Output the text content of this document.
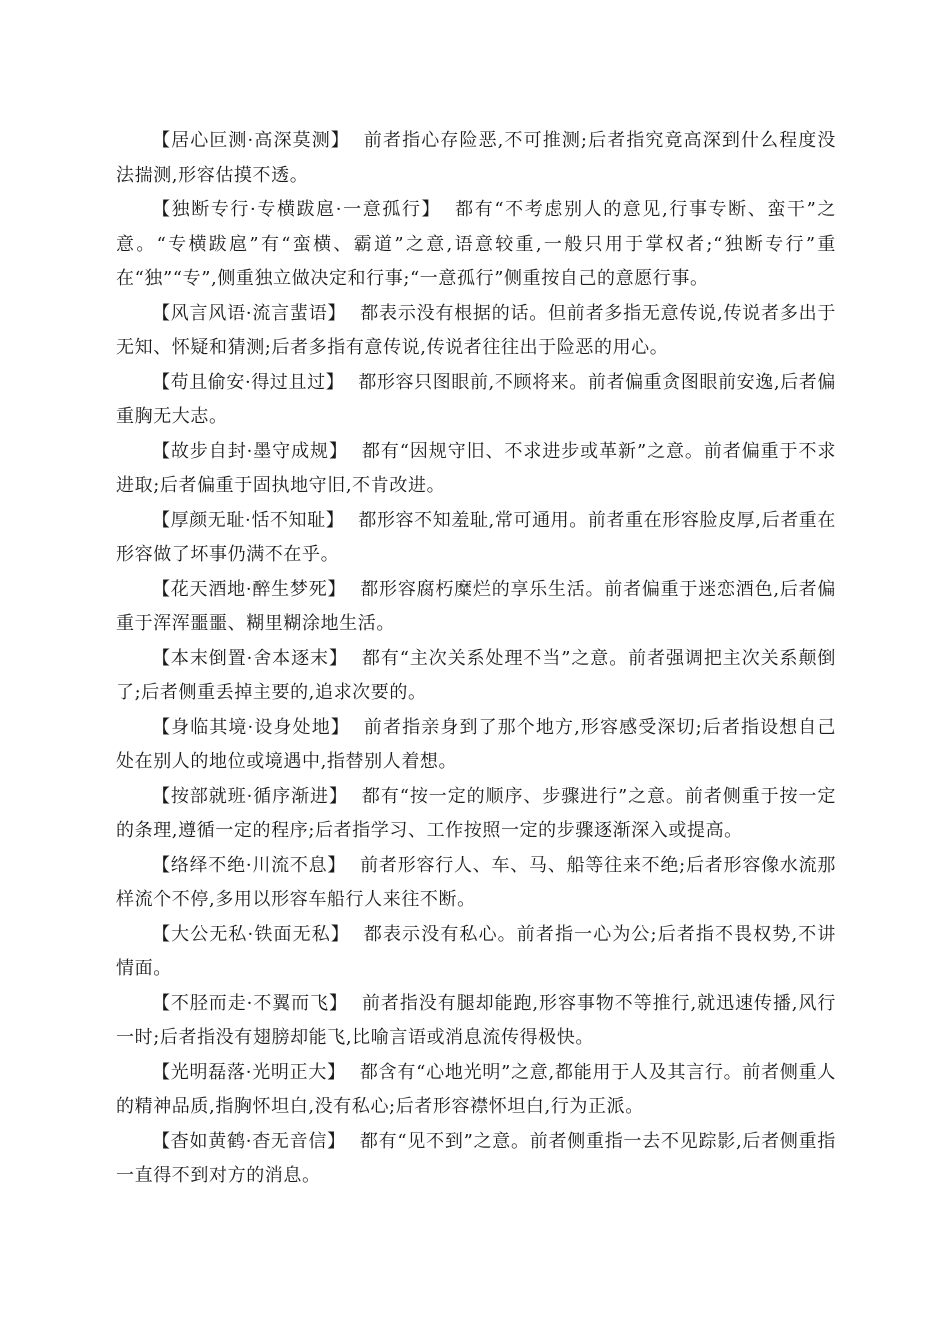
【居心叵测·高深莫测】 前者指心存险恶,不可推测;后者指究竟高深到什么程度没法揣测,形容估摸不透。

【独断专行·专横跋扈·一意孤行】 都有“不考虑别人的意见,行事专断、蛮干”之意。“专横跋扈”有“蛮横、霸道”之意,语意较重,一般只用于掌权者;“独断专行”重在“独”“专”,侧重独立做决定和行事;“一意孤行”侧重按自己的意愿行事。

【风言风语·流言蜚语】 都表示没有根据的话。但前者多指无意传说,传说者多出于无知、怀疑和猜测;后者多指有意传说,传说者往往出于险恶的用心。

【苟且偷安·得过且过】 都形容只图眼前,不顾将来。前者偏重贪图眼前安逸,后者偏重胸无大志。

【故步自封·墨守成规】 都有“因规守旧、不求进步或革新”之意。前者偏重于不求进取;后者偏重于固执地守旧,不肯改进。

【厚颜无耻·恬不知耻】 都形容不知羞耻,常可通用。前者重在形容脸皮厚,后者重在形容做了坏事仍满不在乎。

【花天酒地·醉生梦死】 都形容腐朽糜烂的享乐生活。前者偏重于迷恋酒色,后者偏重于浑浑噩噩、糊里糊涂地生活。

【本末倒置·舍本逐末】 都有“主次关系处理不当”之意。前者强调把主次关系颠倒了;后者侧重丢掉主要的,追求次要的。

【身临其境·设身处地】 前者指亲身到了那个地方,形容感受深切;后者指设想自己处在别人的地位或境遇中,指替别人着想。

【按部就班·循序渐进】 都有“按一定的顺序、步骤进行”之意。前者侧重于按一定的条理,遵循一定的程序;后者指学习、工作按照一定的步骤逐渐深入或提高。

【络绎不绝·川流不息】 前者形容行人、车、马、船等往来不绝;后者形容像水流那样流个不停,多用以形容车船行人来往不断。

【大公无私·铁面无私】 都表示没有私心。前者指一心为公;后者指不畏权势,不讲情面。

【不胫而走·不翼而飞】 前者指没有腿却能跑,形容事物不等推行,就迅速传播,风行一时;后者指没有翅膀却能飞,比喻言语或消息流传得极快。

【光明磊落·光明正大】 都含有“心地光明”之意,都能用于人及其言行。前者侧重人的精神品质,指胸怀坦白,没有私心;后者形容襟怀坦白,行为正派。

【杳如黄鹤·杳无音信】 都有“见不到”之意。前者侧重指一去不见踪影,后者侧重指一直得不到对方的消息。
